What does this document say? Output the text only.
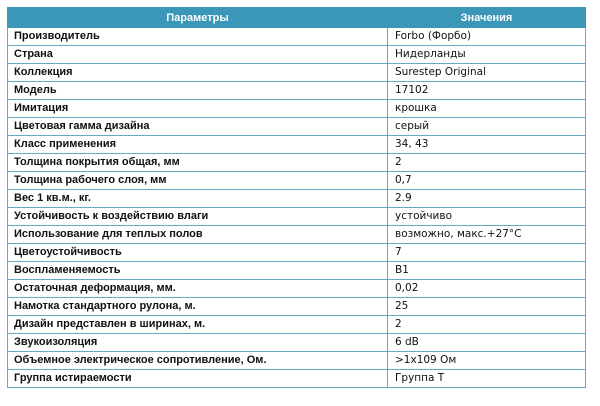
Параметры	Значения
Производитель	Forbo (Форбо)
Страна	Нидерланды
Коллекция	Surestep Original
Модель	17102
Имитация	крошка
Цветовая гамма дизайна	серый
Класс применения	34, 43
Толщина покрытия общая, мм	2
Толщина рабочего слоя, мм	0,7
Вес 1 кв.м., кг.	2.9
Устойчивость к воздействию влаги	устойчиво
Использование для теплых полов	возможно, макс.+27°С
Цветоустойчивость	7
Воспламеняемость	В1
Остаточная деформация, мм.	0,02
Намотка стандартного рулона, м.	25
Дизайн представлен в ширинах, м.	2
Звукоизоляция	6 dB
Объемное электрическое сопротивление, Ом.	>1x109 Ом
Группа истираемости	Группа Т
